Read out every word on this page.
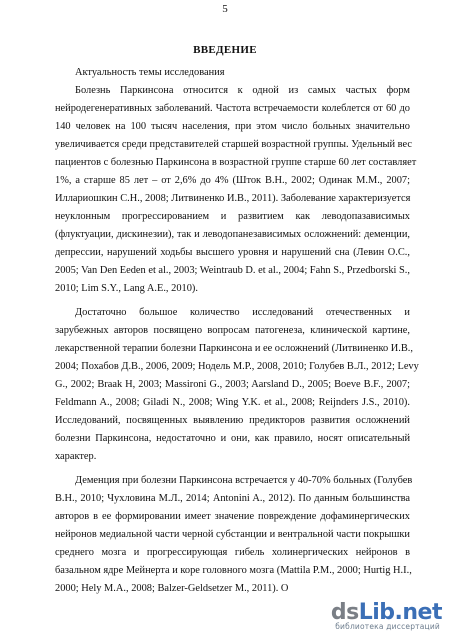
5
ВВЕДЕНИЕ
Актуальность темы исследования
Болезнь Паркинсона относится к одной из самых частых форм
нейродегенеративных заболеваний. Частота встречаемости колеблется от 60 до
140 человек на 100 тысяч населения, при этом число больных значительно
увеличивается среди представителей старшей возрастной группы. Удельный вес
пациентов с болезнью Паркинсона в возрастной группе старше 60 лет составляет
1%, а старше 85 лет – от 2,6% до 4% (Шток В.Н., 2002; Одинак М.М., 2007;
Иллариошкин С.Н., 2008; Литвиненко И.В., 2011). Заболевание характеризуется
неуклонным прогрессированием и развитием как леводопазависимых
(флуктуации, дискинезии), так и леводопанезависимых осложнений: деменции,
депрессии, нарушений ходьбы высшего уровня и нарушений сна (Левин О.С.,
2005; Van Den Eeden et al., 2003; Weintraub D. et al., 2004; Fahn S., Przedborski S.,
2010; Lim S.Y., Lang A.E., 2010).
Достаточно большое количество исследований отечественных и
зарубежных авторов посвящено вопросам патогенеза, клинической картине,
лекарственной терапии болезни Паркинсона и ее осложнений (Литвиненко И.В.,
2004; Похабов Д.В., 2006, 2009; Нодель М.Р., 2008, 2010; Голубев В.Л., 2012; Levy
G., 2002; Braak H, 2003; Massironi G., 2003; Aarsland D., 2005; Boeve B.F., 2007;
Feldmann A., 2008; Giladi N., 2008; Wing Y.K. et al., 2008; Reijnders J.S., 2010).
Исследований, посвященных выявлению предикторов развития осложнений
болезни Паркинсона, недостаточно и они, как правило, носят описательный
характер.
Деменция при болезни Паркинсона встречается у 40-70% больных (Голубев
В.Н., 2010; Чухловина М.Л., 2014; Antonini A., 2012). По данным большинства
авторов в ее формировании имеет значение повреждение дофаминергических
нейронов медиальной части черной субстанции и вентральной части покрышки
среднего мозга и прогрессирующая гибель холинергических нейронов в
базальном ядре Мейнерта и коре головного мозга (Mattila P.M., 2000; Hurtig H.I.,
2000; Hely M.A., 2008; Balzer-Geldsetzer M., 2011). О
dsLib.net
библиотека диссертаций
